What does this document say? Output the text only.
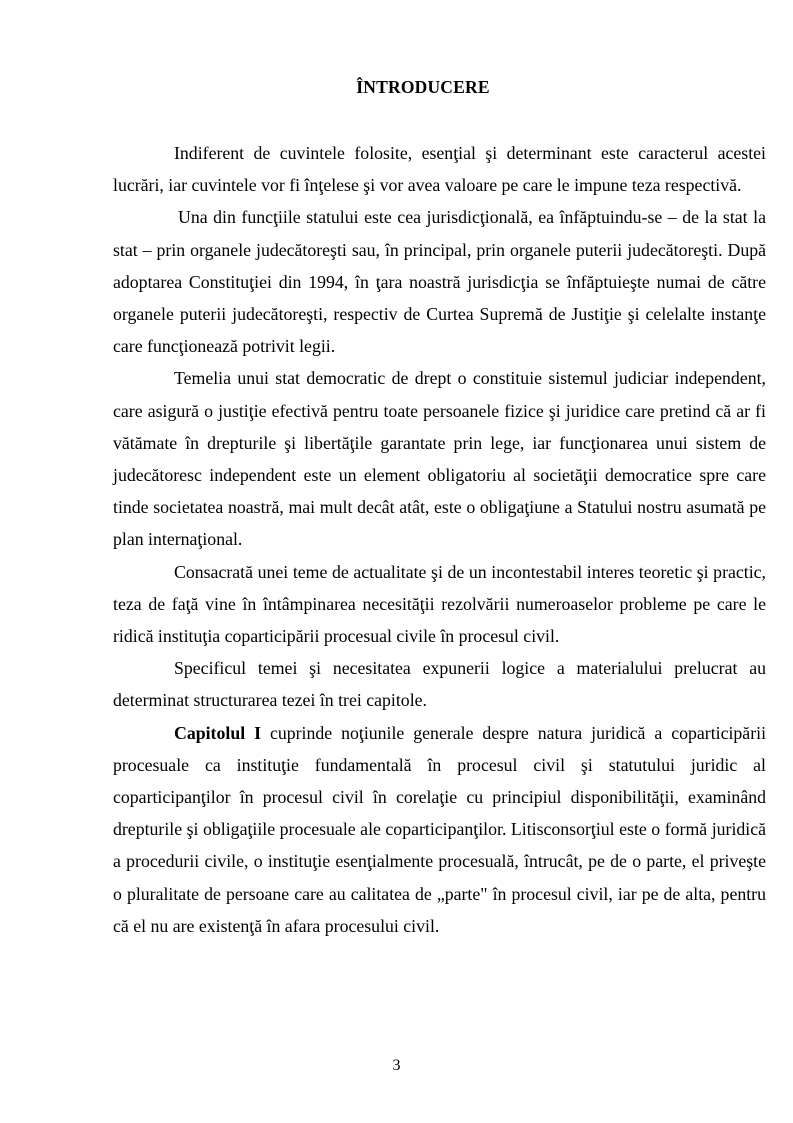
ÎNTRODUCERE

Indiferent de cuvintele folosite, esenţial şi determinant este caracterul acestei lucrări, iar cuvintele vor fi înţelese şi vor avea valoare pe care le impune teza respectivă.

Una din funcţiile statului este cea jurisdicţională, ea înfăptuindu-se – de la stat la stat – prin organele judecătoreşti sau, în principal, prin organele puterii judecătoreşti. După adoptarea Constituţiei din 1994, în ţara noastră jurisdicţia se înfăptuieşte numai de către organele puterii judecătoreşti, respectiv de Curtea Supremă de Justiţie şi celelalte instanţe care funcţionează potrivit legii.

Temelia unui stat democratic de drept o constituie sistemul judiciar independent, care asigură o justiţie efectivă pentru toate persoanele fizice şi juridice care pretind că ar fi vătămate în drepturile şi libertăţile garantate prin lege, iar funcţionarea unui sistem de judecătoresc independent este un element obligatoriu al societăţii democratice spre care tinde societatea noastră, mai mult decât atât, este o obligaţiune a Statului nostru asumată pe plan internaţional.

Consacrată unei teme de actualitate şi de un incontestabil interes teoretic şi practic, teza de faţă vine în întâmpinarea necesităţii rezolvării numeroaselor probleme pe care le ridică instituţia coparticipării procesual civile în procesul civil.

Specificul temei şi necesitatea expunerii logice a materialului prelucrat au determinat structurarea tezei în trei capitole.

Capitolul I cuprinde noţiunile generale despre natura juridică a coparticipării procesuale ca instituţie fundamentală în procesul civil şi statutului juridic al coparticipanţilor în procesul civil în corelaţie cu principiul disponibilităţii, examinând drepturile şi obligaţiile procesuale ale coparticipanţilor. Litisconsorţiul este o formă juridică a procedurii civile, o instituţie esenţialmente procesuală, întrucât, pe de o parte, el priveşte o pluralitate de persoane care au calitatea de „parte" în procesul civil, iar pe de alta, pentru că el nu are existenţă în afara procesului civil.

3
